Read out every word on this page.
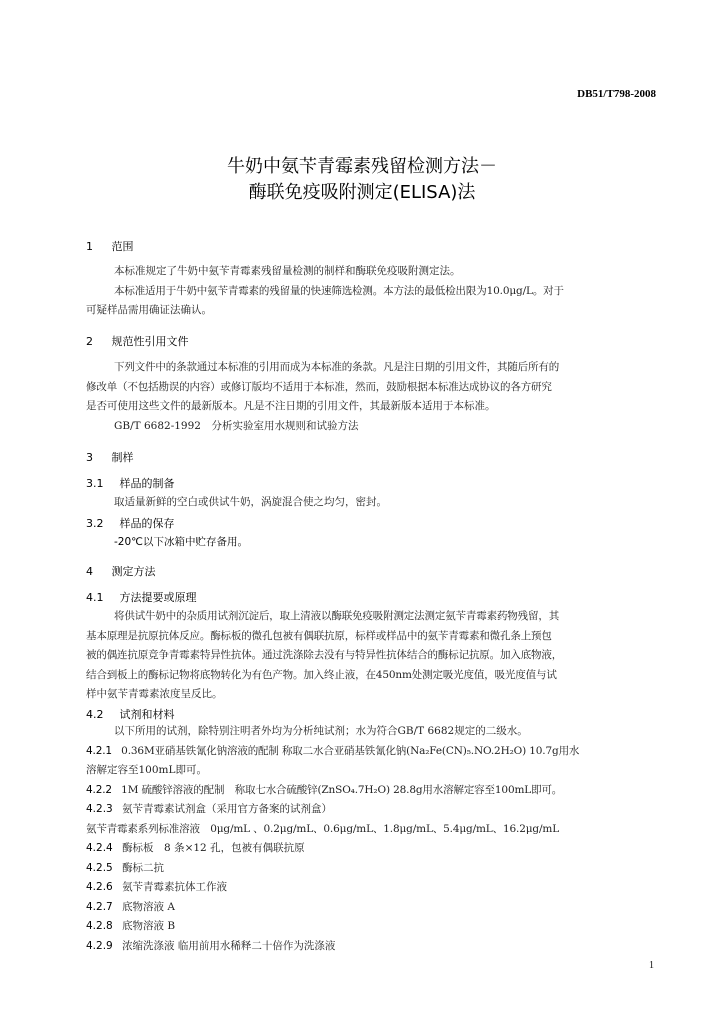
DB51/T798-2008
牛奶中氨苄青霉素残留检测方法－
酶联免疫吸附测定(ELISA)法
1 范围
本标准规定了牛奶中氨苄青霉素残留量检测的制样和酶联免疫吸附测定法。
本标准适用于牛奶中氨苄青霉素的残留量的快速筛选检测。本方法的最低检出限为10.0μg/L。对于
可疑样品需用确证法确认。
2 规范性引用文件
下列文件中的条款通过本标准的引用而成为本标准的条款。凡是注日期的引用文件，其随后所有的
修改单（不包括勘误的内容）或修订版均不适用于本标准，然而，鼓励根据本标准达成协议的各方研究
是否可使用这些文件的最新版本。凡是不注日期的引用文件，其最新版本适用于本标准。
GB/T 6682-1992　分析实验室用水规则和试验方法
3 制样
3.1 样品的制备
取适量新鲜的空白或供试牛奶，涡旋混合使之均匀，密封。
3.2 样品的保存
-20℃以下冰箱中贮存备用。
4 测定方法
4.1 方法提要或原理
将供试牛奶中的杂质用试剂沉淀后，取上清液以酶联免疫吸附测定法测定氨苄青霉素药物残留，其
基本原理是抗原抗体反应。酶标板的微孔包被有偶联抗原，标样或样品中的氨苄青霉素和微孔条上预包
被的偶连抗原竞争青霉素特异性抗体。通过洗涤除去没有与特异性抗体结合的酶标记抗原。加入底物液，
结合到板上的酶标记物将底物转化为有色产物。加入终止液，在450nm处测定吸光度值，吸光度值与试
样中氨苄青霉素浓度呈反比。
4.2 试剂和材料
以下所用的试剂，除特别注明者外均为分析纯试剂；水为符合GB/T 6682规定的二级水。
4.2.1 0.36M亚硝基铁氰化钠溶液的配制 称取二水合亚硝基铁氰化钠(Na₂Fe(CN)₅.NO.2H₂O) 10.7g用水
溶解定容至100mL即可。
4.2.2 1M 硫酸锌溶液的配制　称取七水合硫酸锌(ZnSO₄.7H₂O) 28.8g用水溶解定容至100mL即可。
4.2.3 氨苄青霉素试剂盒（采用官方备案的试剂盒）
氨苄青霉素系列标准溶液　0μg/mL 、0.2μg/mL、0.6μg/mL、1.8μg/mL、5.4μg/mL、16.2μg/mL
4.2.4 酶标板　8 条×12 孔，包被有偶联抗原
4.2.5 酶标二抗
4.2.6 氨苄青霉素抗体工作液
4.2.7 底物溶液 A
4.2.8 底物溶液 B
4.2.9 浓缩洗涤液 临用前用水稀释二十倍作为洗涤液
1
